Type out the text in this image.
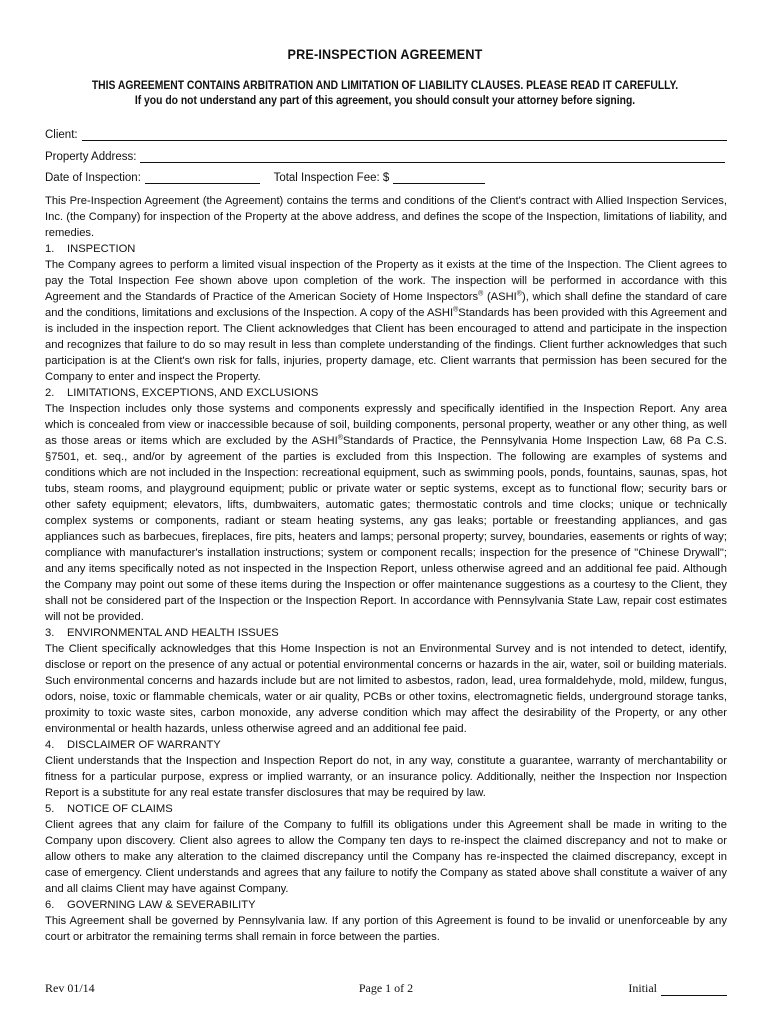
PRE-INSPECTION AGREEMENT
THIS AGREEMENT CONTAINS ARBITRATION AND LIMITATION OF LIABILITY CLAUSES. PLEASE READ IT CAREFULLY.
If you do not understand any part of this agreement, you should consult your attorney before signing.
Client:
Property Address:
Date of Inspection:	Total Inspection Fee: $

This Pre-Inspection Agreement (the Agreement) contains the terms and conditions of the Client's contract with Allied Inspection Services, Inc. (the Company) for inspection of the Property at the above address, and defines the scope of the Inspection, limitations of liability, and remedies.

1. INSPECTION

The Company agrees to perform a limited visual inspection of the Property as it exists at the time of the Inspection. The Client agrees to pay the Total Inspection Fee shown above upon completion of the work. The inspection will be performed in accordance with this Agreement and the Standards of Practice of the American Society of Home Inspectors® (ASHI®), which shall define the standard of care and the conditions, limitations and exclusions of the Inspection. A copy of the ASHI®Standards has been provided with this Agreement and is included in the inspection report. The Client acknowledges that Client has been encouraged to attend and participate in the inspection and recognizes that failure to do so may result in less than complete understanding of the findings. Client further acknowledges that such participation is at the Client's own risk for falls, injuries, property damage, etc. Client warrants that permission has been secured for the Company to enter and inspect the Property.

2. LIMITATIONS, EXCEPTIONS, AND EXCLUSIONS

The Inspection includes only those systems and components expressly and specifically identified in the Inspection Report. Any area which is concealed from view or inaccessible because of soil, building components, personal property, weather or any other thing, as well as those areas or items which are excluded by the ASHI®Standards of Practice, the Pennsylvania Home Inspection Law, 68 Pa C.S. §7501, et. seq., and/or by agreement of the parties is excluded from this Inspection. The following are examples of systems and conditions which are not included in the Inspection: recreational equipment, such as swimming pools, ponds, fountains, saunas, spas, hot tubs, steam rooms, and playground equipment; public or private water or septic systems, except as to functional flow; security bars or other safety equipment; elevators, lifts, dumbwaiters, automatic gates; thermostatic controls and time clocks; unique or technically complex systems or components, radiant or steam heating systems, any gas leaks; portable or freestanding appliances, and gas appliances such as barbecues, fireplaces, fire pits, heaters and lamps; personal property; survey, boundaries, easements or rights of way; compliance with manufacturer's installation instructions; system or component recalls; inspection for the presence of "Chinese Drywall"; and any items specifically noted as not inspected in the Inspection Report, unless otherwise agreed and an additional fee paid. Although the Company may point out some of these items during the Inspection or offer maintenance suggestions as a courtesy to the Client, they shall not be considered part of the Inspection or the Inspection Report. In accordance with Pennsylvania State Law, repair cost estimates will not be provided.

3. ENVIRONMENTAL AND HEALTH ISSUES

The Client specifically acknowledges that this Home Inspection is not an Environmental Survey and is not intended to detect, identify, disclose or report on the presence of any actual or potential environmental concerns or hazards in the air, water, soil or building materials. Such environmental concerns and hazards include but are not limited to asbestos, radon, lead, urea formaldehyde, mold, mildew, fungus, odors, noise, toxic or flammable chemicals, water or air quality, PCBs or other toxins, electromagnetic fields, underground storage tanks, proximity to toxic waste sites, carbon monoxide, any adverse condition which may affect the desirability of the Property, or any other environmental or health hazards, unless otherwise agreed and an additional fee paid.

4. DISCLAIMER OF WARRANTY

Client understands that the Inspection and Inspection Report do not, in any way, constitute a guarantee, warranty of merchantability or fitness for a particular purpose, express or implied warranty, or an insurance policy. Additionally, neither the Inspection nor Inspection Report is a substitute for any real estate transfer disclosures that may be required by law.

5. NOTICE OF CLAIMS

Client agrees that any claim for failure of the Company to fulfill its obligations under this Agreement shall be made in writing to the Company upon discovery. Client also agrees to allow the Company ten days to re-inspect the claimed discrepancy and not to make or allow others to make any alteration to the claimed discrepancy until the Company has re-inspected the claimed discrepancy, except in case of emergency. Client understands and agrees that any failure to notify the Company as stated above shall constitute a waiver of any and all claims Client may have against Company.

6. GOVERNING LAW & SEVERABILITY

This Agreement shall be governed by Pennsylvania law. If any portion of this Agreement is found to be invalid or unenforceable by any court or arbitrator the remaining terms shall remain in force between the parties.

Rev 01/14	Page 1 of 2	Initial
